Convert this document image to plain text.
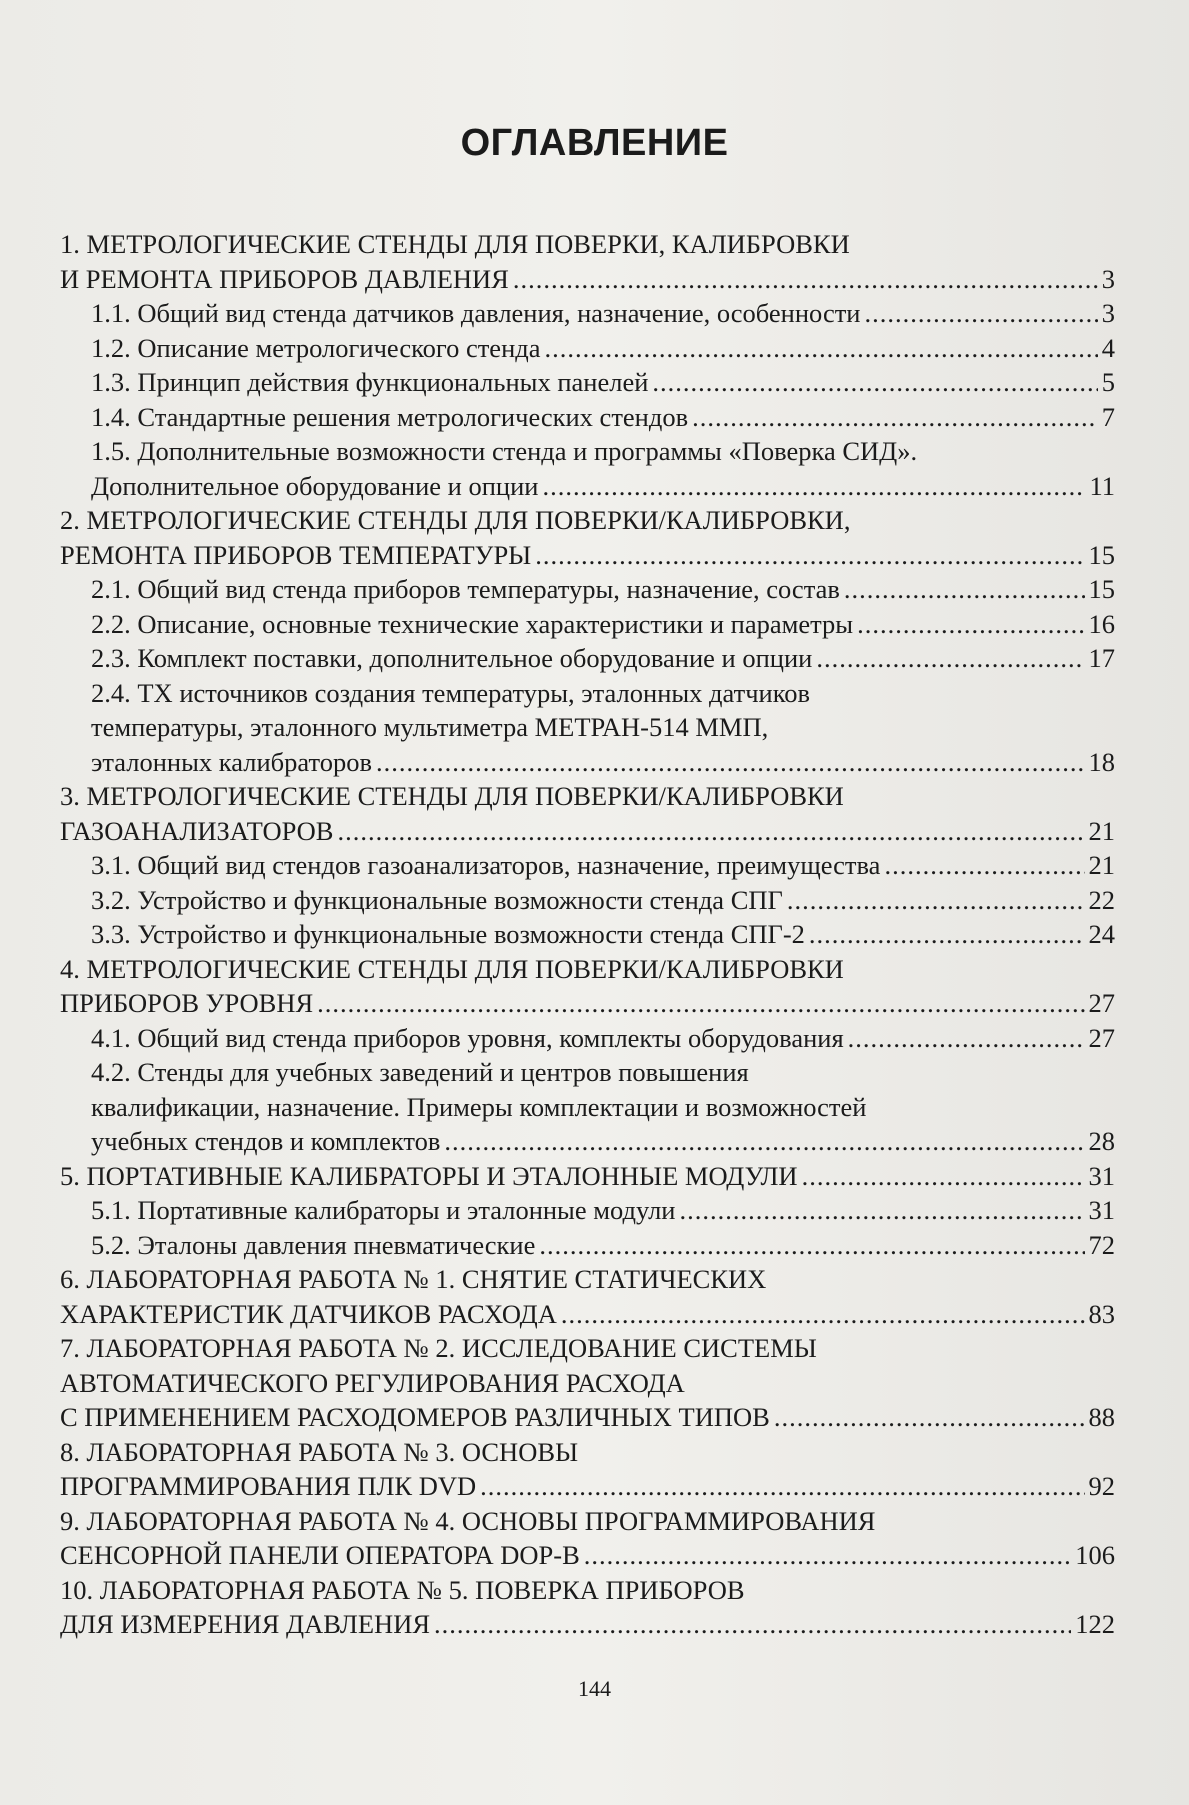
ОГЛАВЛЕНИЕ
1. МЕТРОЛОГИЧЕСКИЕ СТЕНДЫ ДЛЯ ПОВЕРКИ, КАЛИБРОВКИ
И РЕМОНТА ПРИБОРОВ ДАВЛЕНИЯ .....	3
1.1. Общий вид стенда датчиков давления, назначение, особенности .....	3
1.2. Описание метрологического стенда .....	4
1.3. Принцип действия функциональных панелей .....	5
1.4. Стандартные решения метрологических стендов .....	7
1.5. Дополнительные возможности стенда и программы «Поверка СИД».
Дополнительное оборудование и опции .....	11
2. МЕТРОЛОГИЧЕСКИЕ СТЕНДЫ ДЛЯ ПОВЕРКИ/КАЛИБРОВКИ,
РЕМОНТА ПРИБОРОВ ТЕМПЕРАТУРЫ .....	15
2.1. Общий вид стенда приборов температуры, назначение, состав .....	15
2.2. Описание, основные технические характеристики и параметры .....	16
2.3. Комплект поставки, дополнительное оборудование и опции .....	17
2.4. ТХ источников создания температуры, эталонных датчиков
температуры, эталонного мультиметра МЕТРАН-514 ММП,
эталонных калибраторов .....	18
3. МЕТРОЛОГИЧЕСКИЕ СТЕНДЫ ДЛЯ ПОВЕРКИ/КАЛИБРОВКИ
ГАЗОАНАЛИЗАТОРОВ .....	21
3.1. Общий вид стендов газоанализаторов, назначение, преимущества .....	21
3.2. Устройство и функциональные возможности стенда СПГ .....	22
3.3. Устройство и функциональные возможности стенда СПГ-2 .....	24
4. МЕТРОЛОГИЧЕСКИЕ СТЕНДЫ ДЛЯ ПОВЕРКИ/КАЛИБРОВКИ
ПРИБОРОВ УРОВНЯ .....	27
4.1. Общий вид стенда приборов уровня, комплекты оборудования .....	27
4.2. Стенды для учебных заведений и центров повышения
квалификации, назначение. Примеры комплектации и возможностей
учебных стендов и комплектов .....	28
5. ПОРТАТИВНЫЕ КАЛИБРАТОРЫ И ЭТАЛОННЫЕ МОДУЛИ .....	31
5.1. Портативные калибраторы и эталонные модули .....	31
5.2. Эталоны давления пневматические .....	72
6. ЛАБОРАТОРНАЯ РАБОТА № 1. СНЯТИЕ СТАТИЧЕСКИХ
ХАРАКТЕРИСТИК ДАТЧИКОВ РАСХОДА .....	83
7. ЛАБОРАТОРНАЯ РАБОТА № 2. ИССЛЕДОВАНИЕ СИСТЕМЫ
АВТОМАТИЧЕСКОГО РЕГУЛИРОВАНИЯ РАСХОДА
С ПРИМЕНЕНИЕМ РАСХОДОМЕРОВ РАЗЛИЧНЫХ ТИПОВ .....	88
8. ЛАБОРАТОРНАЯ РАБОТА № 3. ОСНОВЫ
ПРОГРАММИРОВАНИЯ ПЛК DVD .....	92
9. ЛАБОРАТОРНАЯ РАБОТА № 4. ОСНОВЫ ПРОГРАММИРОВАНИЯ
СЕНСОРНОЙ ПАНЕЛИ ОПЕРАТОРА DOP-B .....	106
10. ЛАБОРАТОРНАЯ РАБОТА № 5. ПОВЕРКА ПРИБОРОВ
ДЛЯ ИЗМЕРЕНИЯ ДАВЛЕНИЯ .....	122
144
